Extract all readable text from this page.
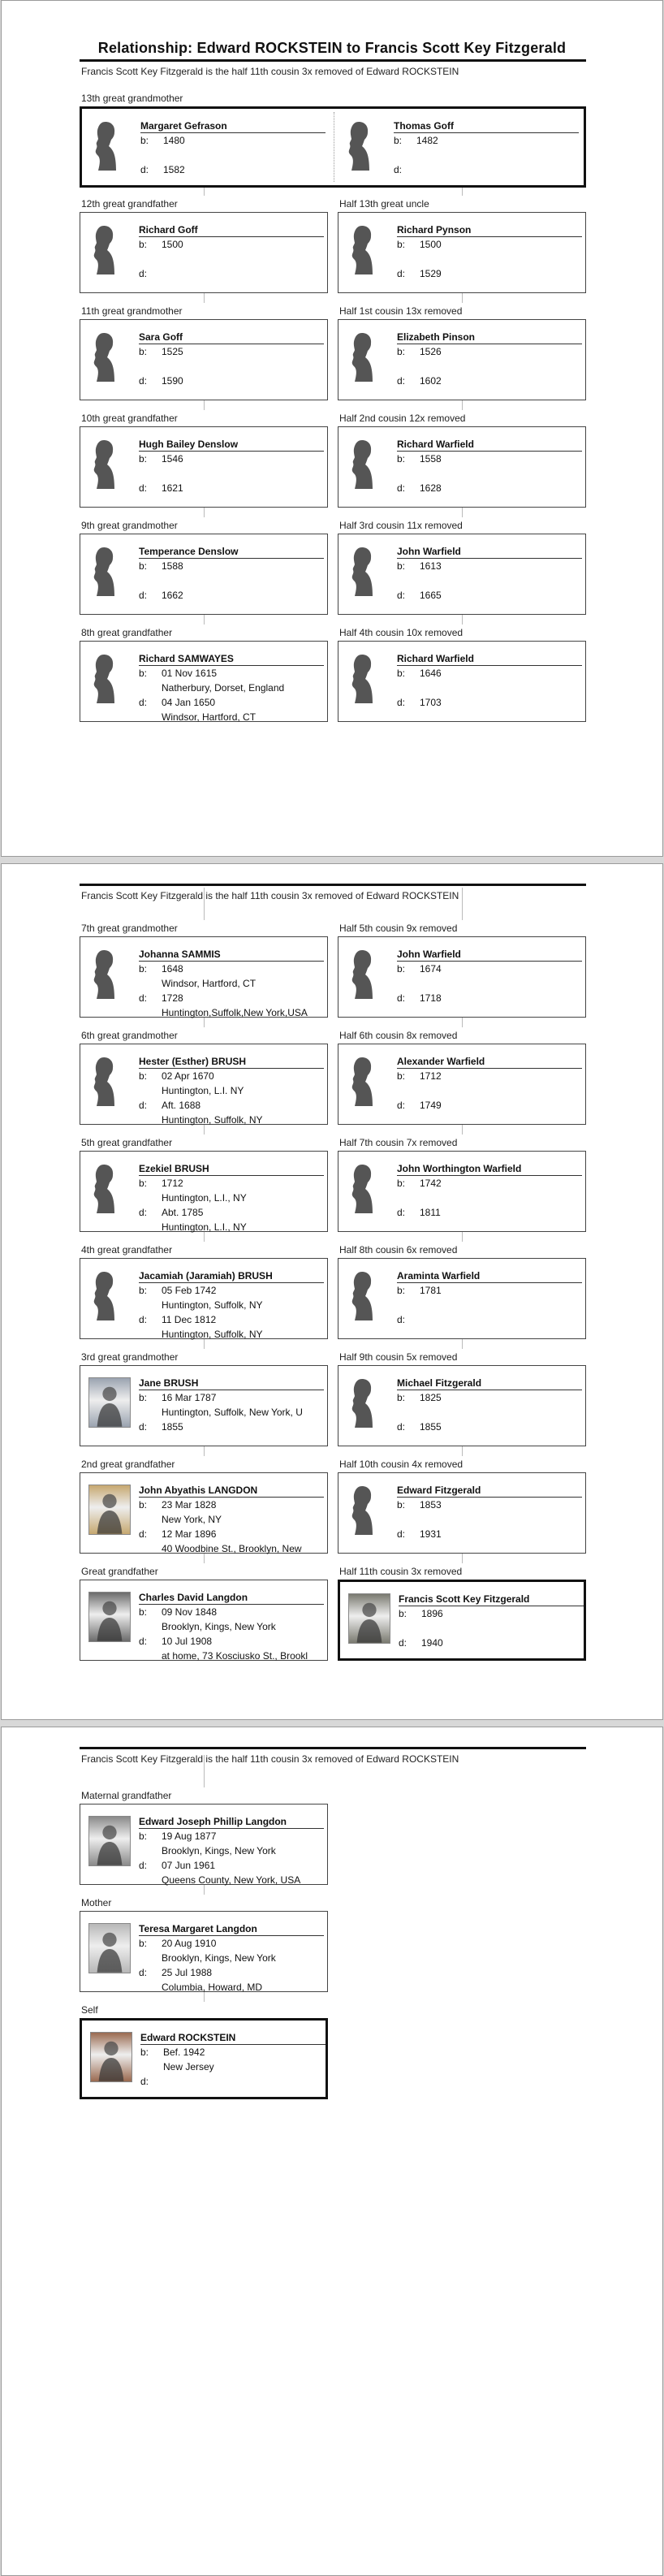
Relationship: Edward ROCKSTEIN to Francis Scott Key Fitzgerald
Francis Scott Key Fitzgerald is the half 11th cousin 3x removed of Edward ROCKSTEIN
13th great grandmother
Margaret Gefrason
b: 1480
d: 1582
Thomas Goff
b: 1482
d:
12th great grandfather
Richard Goff
b: 1500
d:
Half 13th great uncle
Richard Pynson
b: 1500
d: 1529
11th great grandmother
Sara Goff
b: 1525
d: 1590
Half 1st cousin 13x removed
Elizabeth Pinson
b: 1526
d: 1602
10th great grandfather
Hugh Bailey Denslow
b: 1546
d: 1621
Half 2nd cousin 12x removed
Richard Warfield
b: 1558
d: 1628
9th great grandmother
Temperance Denslow
b: 1588
d: 1662
Half 3rd cousin 11x removed
John Warfield
b: 1613
d: 1665
8th great grandfather
Richard SAMWAYES
b: 01 Nov 1615
Natherbury, Dorset, England
d: 04 Jan 1650
Windsor, Hartford, CT
Half 4th cousin 10x removed
Richard Warfield
b: 1646
d: 1703
Francis Scott Key Fitzgerald is the half 11th cousin 3x removed of Edward ROCKSTEIN
7th great grandmother
Johanna SAMMIS
b: 1648
Windsor, Hartford, CT
d: 1728
Huntington,Suffolk,New York,USA
Half 5th cousin 9x removed
John Warfield
b: 1674
d: 1718
6th great grandmother
Hester (Esther) BRUSH
b: 02 Apr 1670
Huntington, L.I. NY
d: Aft. 1688
Huntington, Suffolk, NY
Half 6th cousin 8x removed
Alexander Warfield
b: 1712
d: 1749
5th great grandfather
Ezekiel BRUSH
b: 1712
Huntington, L.I., NY
d: Abt. 1785
Huntington, L.I., NY
Half 7th cousin 7x removed
John Worthington Warfield
b: 1742
d: 1811
4th great grandfather
Jacamiah (Jaramiah) BRUSH
b: 05 Feb 1742
Huntington, Suffolk, NY
d: 11 Dec 1812
Huntington, Suffolk, NY
Half 8th cousin 6x removed
Araminta Warfield
b: 1781
d:
3rd great grandmother
Jane BRUSH
b: 16 Mar 1787
Huntington, Suffolk, New York, U
d: 1855
Half 9th cousin 5x removed
Michael Fitzgerald
b: 1825
d: 1855
2nd great grandfather
John Abyathis LANGDON
b: 23 Mar 1828
New York, NY
d: 12 Mar 1896
40 Woodbine St., Brooklyn, New
Half 10th cousin 4x removed
Edward Fitzgerald
b: 1853
d: 1931
Great grandfather
Charles David Langdon
b: 09 Nov 1848
Brooklyn, Kings, New York
d: 10 Jul 1908
at home, 73 Kosciusko St., Brookl
Half 11th cousin 3x removed
Francis Scott Key Fitzgerald
b: 1896
d: 1940
Francis Scott Key Fitzgerald is the half 11th cousin 3x removed of Edward ROCKSTEIN
Maternal grandfather
Edward Joseph Phillip Langdon
b: 19 Aug 1877
Brooklyn, Kings, New York
d: 07 Jun 1961
Queens County, New York, USA
Mother
Teresa Margaret Langdon
b: 20 Aug 1910
Brooklyn, Kings, New York
d: 25 Jul 1988
Columbia, Howard, MD
Self
Edward ROCKSTEIN
b: Bef. 1942
New Jersey
d:
